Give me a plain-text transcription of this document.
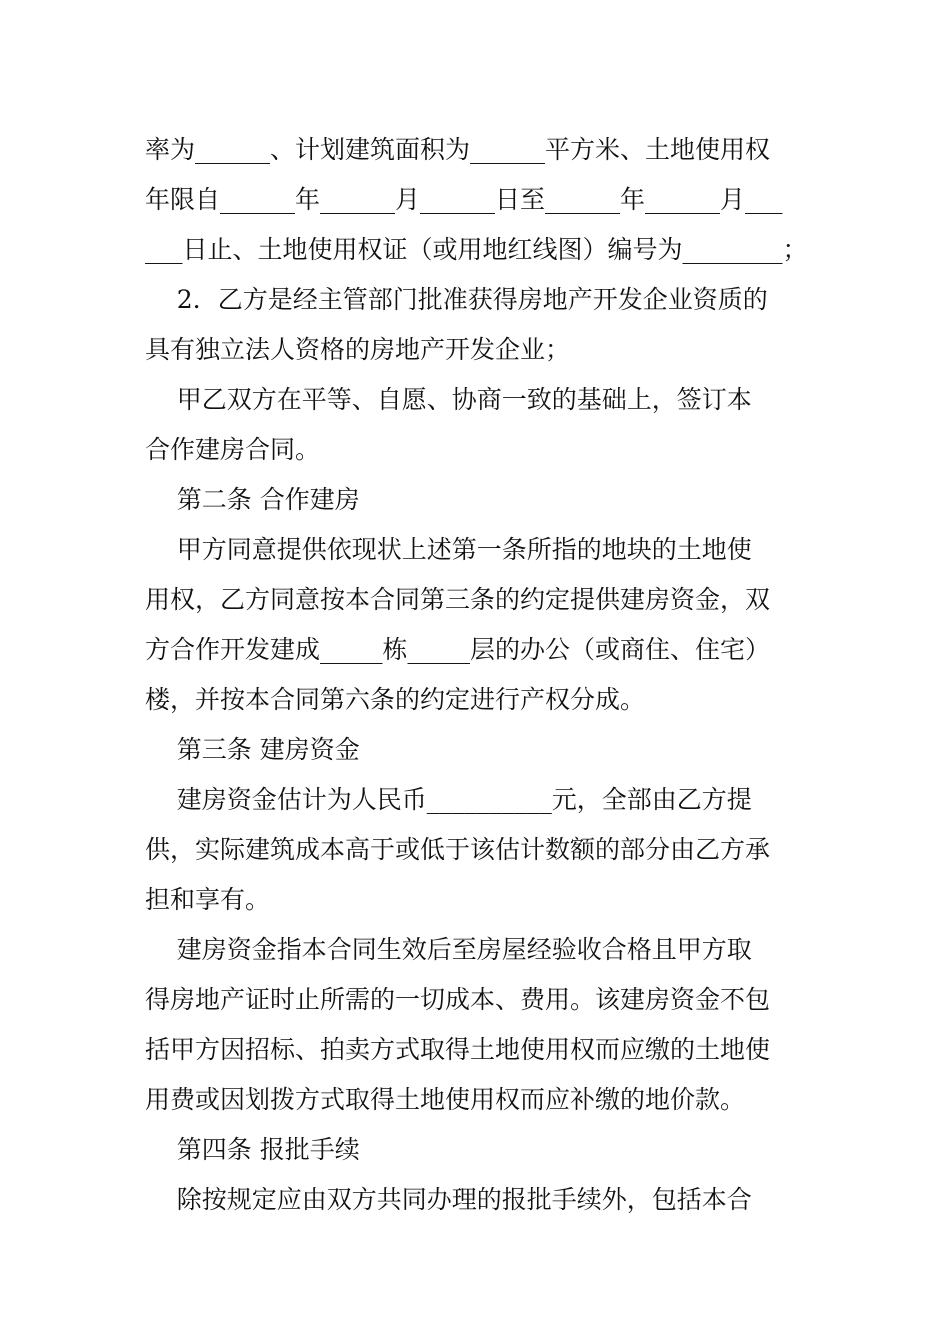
率为______、计划建筑面积为______平方米、土地使用权
年限自______年______月______日至______年______月___
___日止、土地使用权证（或用地红线图）编号为________；
2．乙方是经主管部门批准获得房地产开发企业资质的
具有独立法人资格的房地产开发企业；
甲乙双方在平等、自愿、协商一致的基础上，签订本
合作建房合同。
第二条 合作建房
甲方同意提供依现状上述第一条所指的地块的土地使
用权，乙方同意按本合同第三条的约定提供建房资金，双
方合作开发建成_____栋_____层的办公（或商住、住宅）
楼，并按本合同第六条的约定进行产权分成。
第三条 建房资金
建房资金估计为人民币__________元，全部由乙方提
供，实际建筑成本高于或低于该估计数额的部分由乙方承
担和享有。
建房资金指本合同生效后至房屋经验收合格且甲方取
得房地产证时止所需的一切成本、费用。该建房资金不包
括甲方因招标、拍卖方式取得土地使用权而应缴的土地使
用费或因划拨方式取得土地使用权而应补缴的地价款。
第四条 报批手续
除按规定应由双方共同办理的报批手续外，包括本合
